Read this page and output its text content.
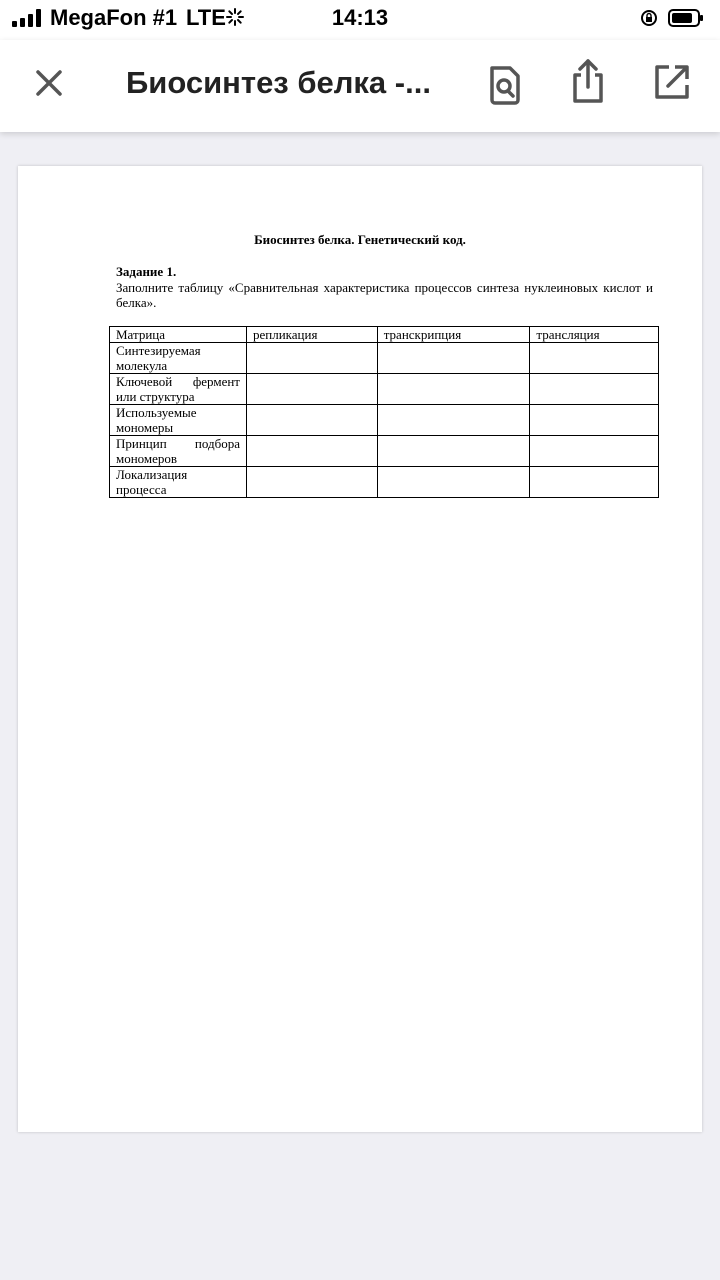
MegaFon #1 LTE	14:13
Биосинтез белка -...
Биосинтез белка. Генетический код.
Задание 1.
Заполните таблицу «Сравнительная характеристика процессов синтеза нуклеиновых кислот и белка».
Матрица	репликация	транскрипция	трансляция
Синтезируемая молекула			
Ключевой фермент или структура			
Используемые мономеры			
Принцип подбора мономеров			
Локализация процесса			
